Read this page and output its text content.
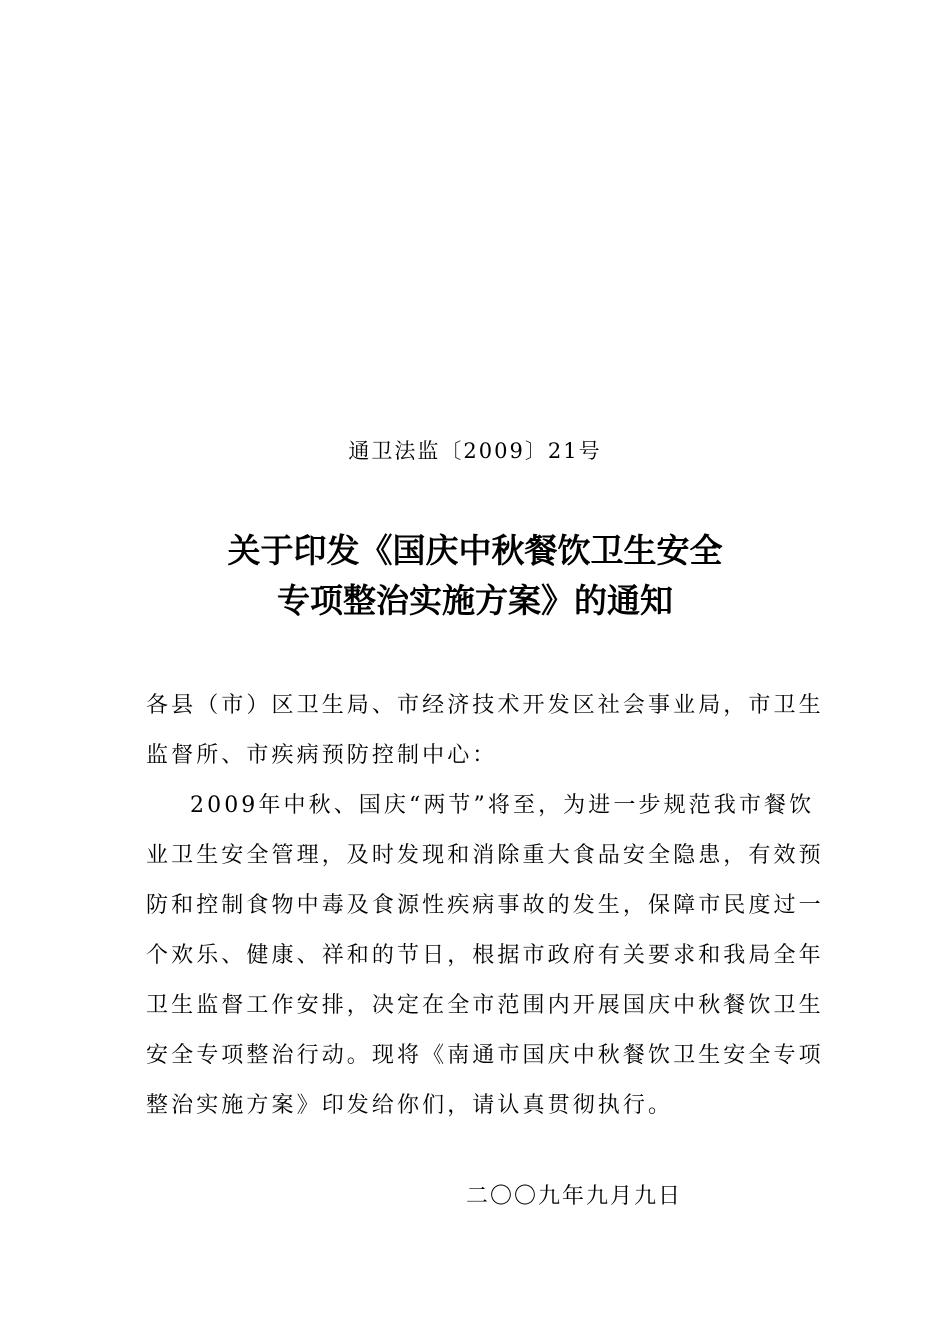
通卫法监〔2009〕21号
关于印发《国庆中秋餐饮卫生安全
专项整治实施方案》的通知
各县（市）区卫生局、市经济技术开发区社会事业局，市卫生
监督所、市疾病预防控制中心：
2009年中秋、国庆“两节”将至，为进一步规范我市餐饮
业卫生安全管理，及时发现和消除重大食品安全隐患，有效预
防和控制食物中毒及食源性疾病事故的发生，保障市民度过一
个欢乐、健康、祥和的节日，根据市政府有关要求和我局全年
卫生监督工作安排，决定在全市范围内开展国庆中秋餐饮卫生
安全专项整治行动。现将《南通市国庆中秋餐饮卫生安全专项
整治实施方案》印发给你们，请认真贯彻执行。
二〇〇九年九月九日
